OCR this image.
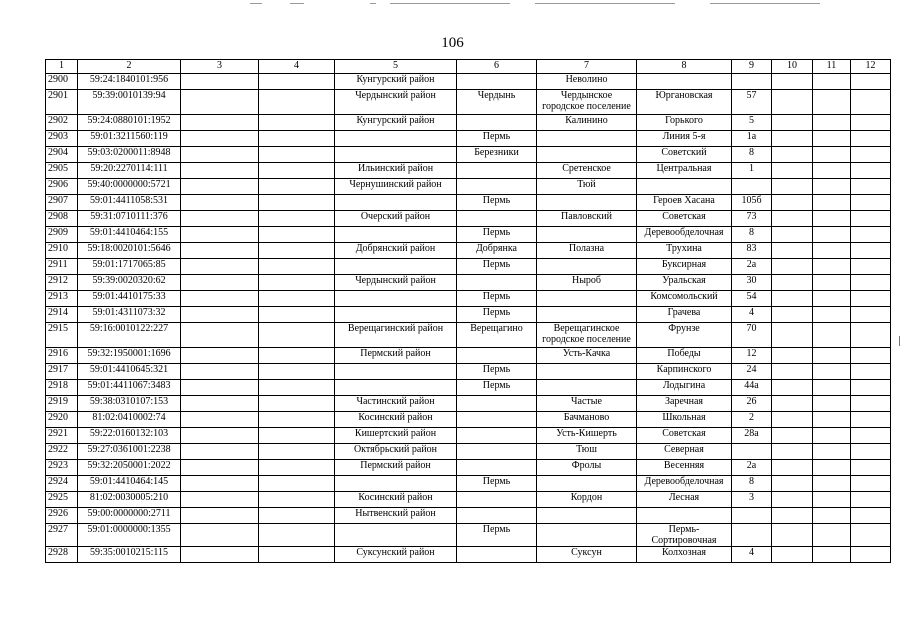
106
1	2	3	4	5	6	7	8	9	10	11	12
2900	59:24:1840101:956			Кунгурский район		Неволино					
2901	59:39:0010139:94			Чердынский район	Чердынь	Чердынское городское поселение	Юргановская	57			
2902	59:24:0880101:1952			Кунгурский район		Калинино	Горького	5			
2903	59:01:3211560:119				Пермь		Линия 5-я	1а			
2904	59:03:0200011:8948				Березники		Советский	8			
2905	59:20:2270114:111			Ильинский район		Сретенское	Центральная	1			
2906	59:40:0000000:5721			Чернушинский район		Тюй					
2907	59:01:4411058:531				Пермь		Героев Хасана	105б			
2908	59:31:0710111:376			Очерский район		Павловский	Советская	73			
2909	59:01:4410464:155				Пермь		Деревообделочная	8			
2910	59:18:0020101:5646			Добрянский район	Добрянка	Полазна	Трухина	83			
2911	59:01:1717065:85				Пермь		Буксирная	2а			
2912	59:39:0020320:62			Чердынский район		Ныроб	Уральская	30			
2913	59:01:4410175:33				Пермь		Комсомольский	54			
2914	59:01:4311073:32				Пермь		Грачева	4			
2915	59:16:0010122:227			Верещагинский район	Верещагино	Верещагинское городское поселение	Фрунзе	70			
2916	59:32:1950001:1696			Пермский район		Усть-Качка	Победы	12			
2917	59:01:4410645:321				Пермь		Карпинского	24			
2918	59:01:4411067:3483				Пермь		Лодыгина	44а			
2919	59:38:0310107:153			Частинский район		Частые	Заречная	26			
2920	81:02:0410002:74			Косинский район		Бачманово	Школьная	2			
2921	59:22:0160132:103			Кишертский район		Усть-Кишерть	Советская	28а			
2922	59:27:0361001:2238			Октябрьский район		Тюш	Северная				
2923	59:32:2050001:2022			Пермский район		Фролы	Весенняя	2а			
2924	59:01:4410464:145				Пермь		Деревообделочная	8			
2925	81:02:0030005:210			Косинский район		Кордон	Лесная	3			
2926	59:00:0000000:2711			Нытвенский район							
2927	59:01:0000000:1355				Пермь		Пермь-Сортировочная				
2928	59:35:0010215:115			Суксунский район		Суксун	Колхозная	4			
